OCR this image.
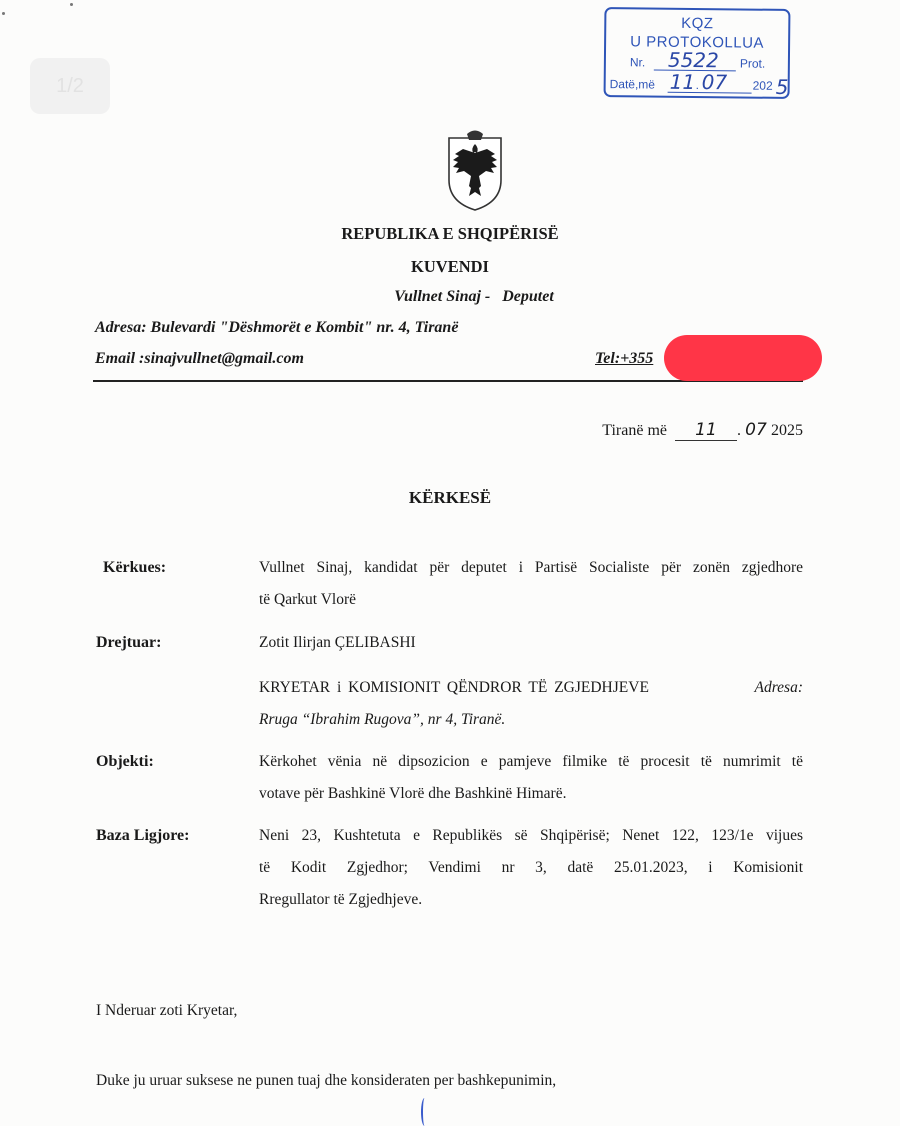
1/2
KQZ
U PROTOKOLLUA
Nr. 5522 Prot.
Datë,më 11 . 07 202 5
REPUBLIKA E SHQIPËRISË
KUVENDI
Vullnet Sinaj -   Deputet
Adresa: Bulevardi "Dëshmorët e Kombit" nr. 4, Tiranë
Email :sinajvullnet@gmail.com	Tel:+355
Tiranë më 11 . 07 2025
KËRKESË
Kërkues:	Vullnet Sinaj, kandidat për deputet i Partisë Socialiste për zonën zgjedhore
të Qarkut Vlorë
Drejtuar:	Zotit Ilirjan ÇELIBASHI
KRYETAR i KOMISIONIT QËNDROR TË ZGJEDHJEVE	Adresa:
Rruga “Ibrahim Rugova”, nr 4, Tiranë.
Objekti:	Kërkohet vënia në dipsozicion e pamjeve filmike të procesit të numrimit të
votave për Bashkinë Vlorë dhe Bashkinë Himarë.
Baza Ligjore:	Neni 23, Kushtetuta e Republikës së Shqipërisë; Nenet 122, 123/1e vijues
të Kodit Zgjedhor; Vendimi nr 3, datë 25.01.2023, i Komisionit
Rregullator të Zgjedhjeve.
I Nderuar zoti Kryetar,
Duke ju uruar suksese ne punen tuaj dhe konsideraten per bashkepunimin,
